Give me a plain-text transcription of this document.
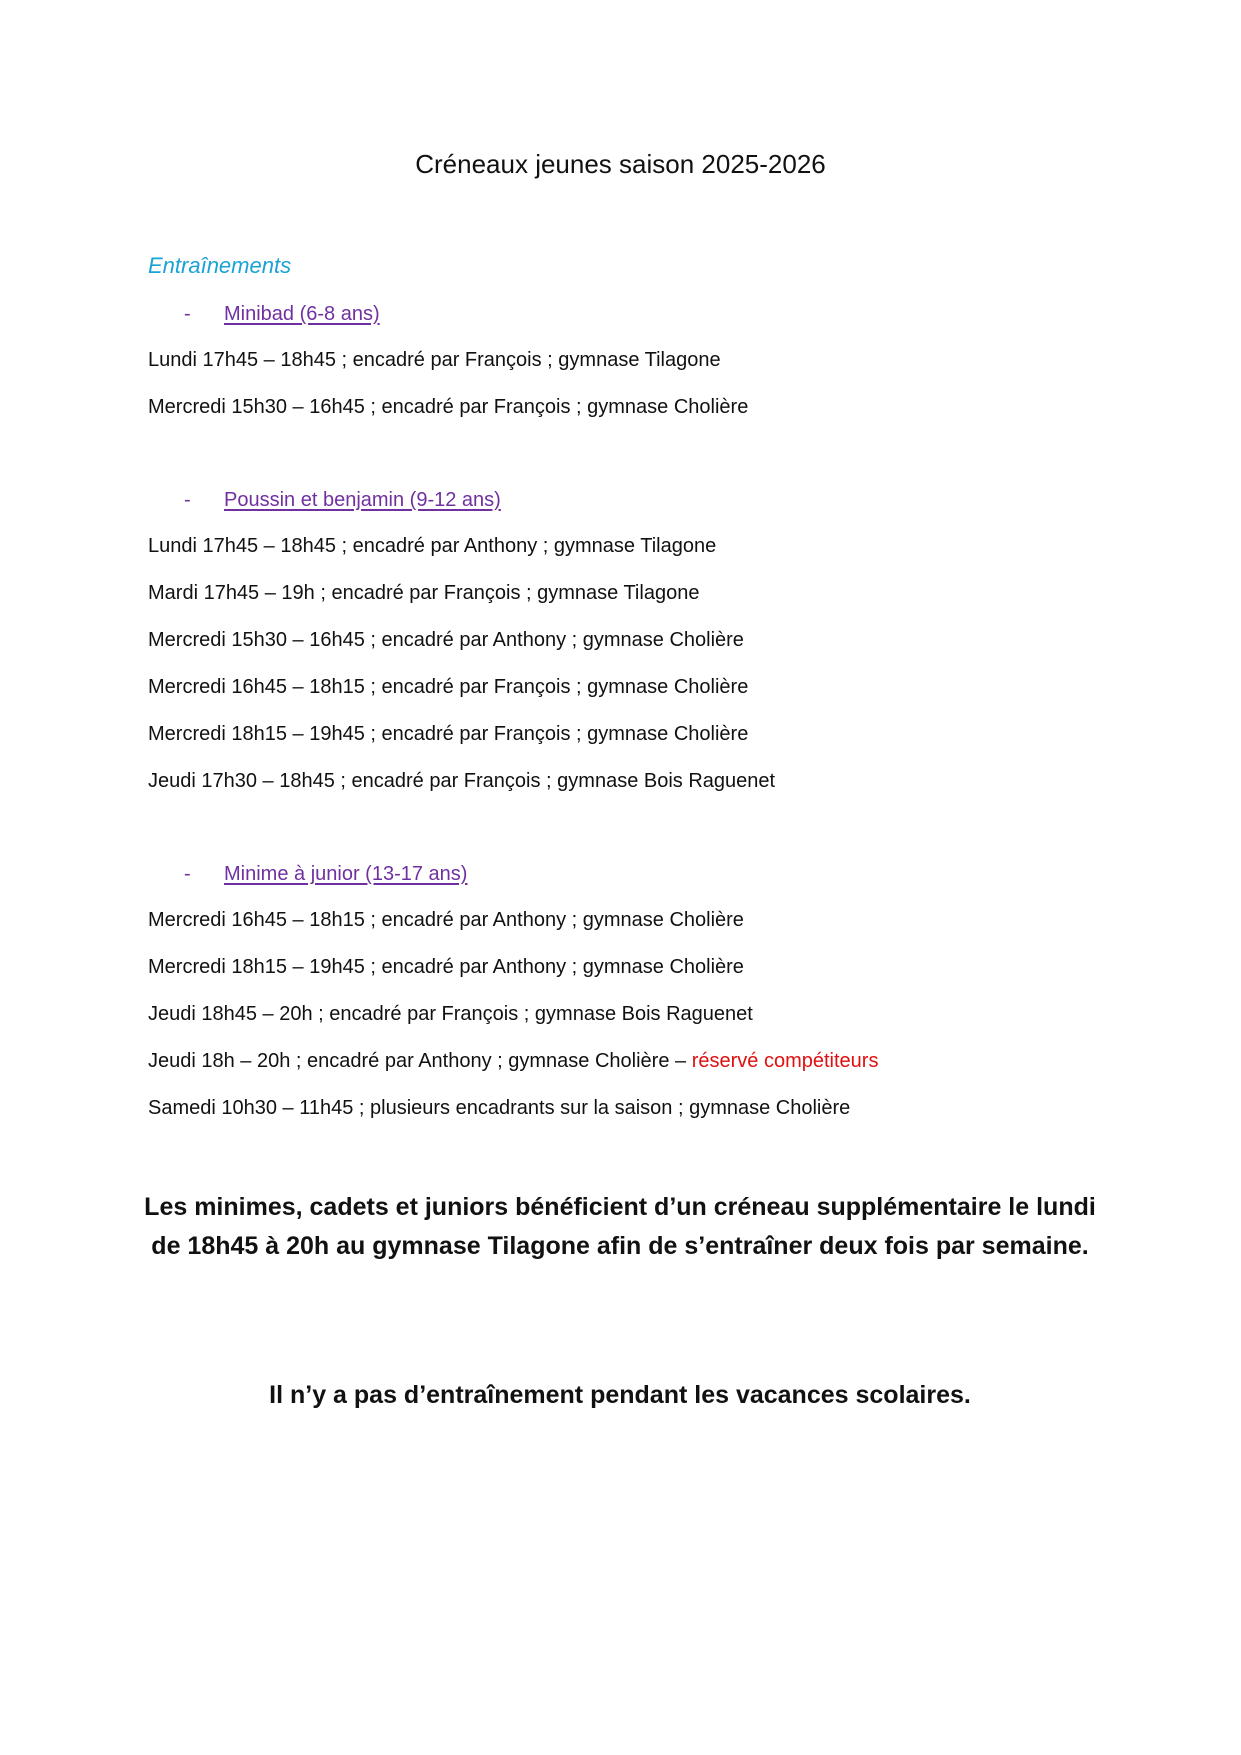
Créneaux jeunes saison 2025-2026
Entraînements
- Minibad (6-8 ans)
Lundi 17h45 – 18h45 ; encadré par François ; gymnase Tilagone
Mercredi 15h30 – 16h45 ; encadré par François ; gymnase Cholière
- Poussin et benjamin (9-12 ans)
Lundi 17h45 – 18h45 ; encadré par Anthony ; gymnase Tilagone
Mardi 17h45 – 19h ; encadré par François ; gymnase Tilagone
Mercredi 15h30 – 16h45 ; encadré par Anthony ; gymnase Cholière
Mercredi 16h45 – 18h15 ; encadré par François ; gymnase Cholière
Mercredi 18h15 – 19h45 ; encadré par François ; gymnase Cholière
Jeudi 17h30 – 18h45 ; encadré par François ; gymnase Bois Raguenet
- Minime à junior (13-17 ans)
Mercredi 16h45 – 18h15 ; encadré par Anthony ; gymnase Cholière
Mercredi 18h15 – 19h45 ; encadré par Anthony ; gymnase Cholière
Jeudi 18h45 – 20h ; encadré par François ; gymnase Bois Raguenet
Jeudi 18h – 20h ; encadré par Anthony ; gymnase Cholière – réservé compétiteurs
Samedi 10h30 – 11h45 ; plusieurs encadrants sur la saison ; gymnase Cholière
Les minimes, cadets et juniors bénéficient d’un créneau supplémentaire le lundi de 18h45 à 20h au gymnase Tilagone afin de s’entraîner deux fois par semaine.
Il n’y a pas d’entraînement pendant les vacances scolaires.
